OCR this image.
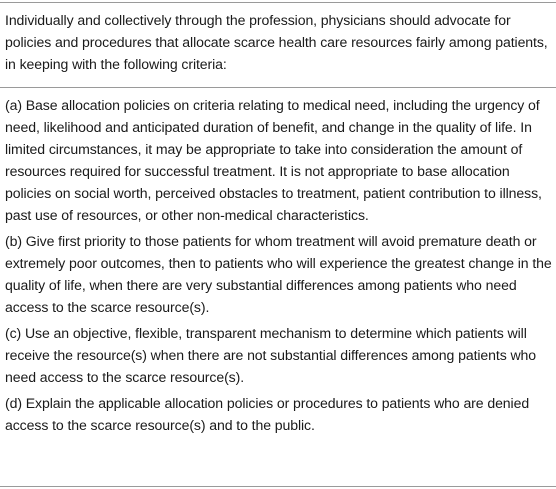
Individually and collectively through the profession, physicians should advocate for policies and procedures that allocate scarce health care resources fairly among patients, in keeping with the following criteria:

(a) Base allocation policies on criteria relating to medical need, including the urgency of need, likelihood and anticipated duration of benefit, and change in the quality of life. In limited circumstances, it may be appropriate to take into consideration the amount of resources required for successful treatment. It is not appropriate to base allocation policies on social worth, perceived obstacles to treatment, patient contribution to illness, past use of resources, or other non-medical characteristics.

(b) Give first priority to those patients for whom treatment will avoid premature death or extremely poor outcomes, then to patients who will experience the greatest change in the quality of life, when there are very substantial differences among patients who need access to the scarce resource(s).

(c) Use an objective, flexible, transparent mechanism to determine which patients will receive the resource(s) when there are not substantial differences among patients who need access to the scarce resource(s).

(d) Explain the applicable allocation policies or procedures to patients who are denied access to the scarce resource(s) and to the public.
